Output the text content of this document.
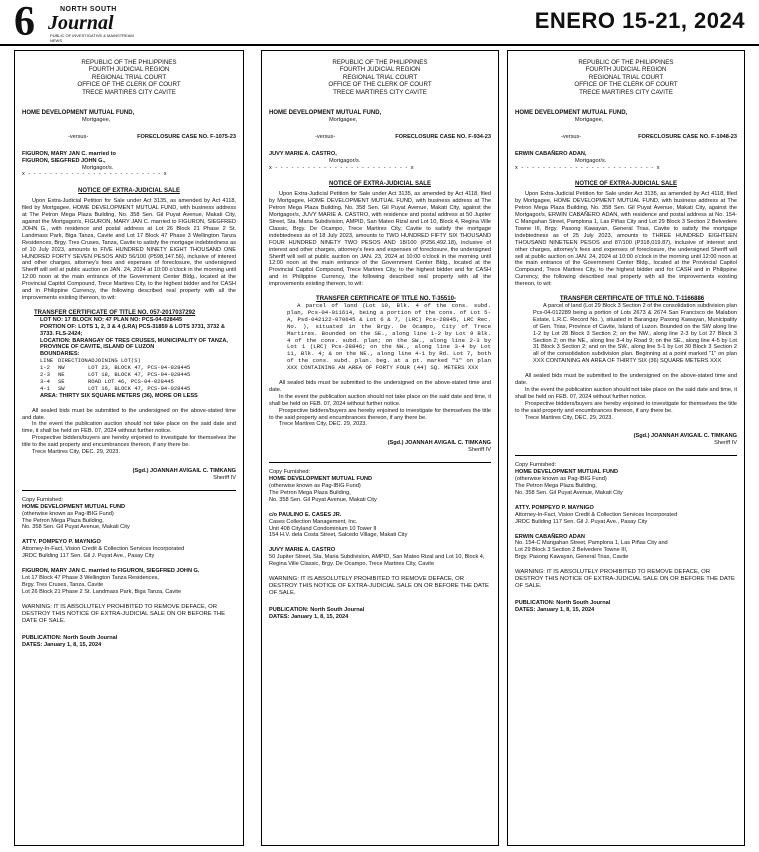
6	NORTH SOUTH
Journal
PUBLIC OF INVESTIGATIVE & MAINSTREAM NEWS
ENERO 15-21, 2024
REPUBLIC OF THE PHILIPPINES
FOURTH JUDICIAL REGION
REGIONAL TRIAL COURT
OFFICE OF THE CLERK OF COURT
TRECE MARTIRES CITY CAVITE
HOME DEVELOPMENT MUTUAL FUND,
Mortgagee,
-versus-	FORECLOSURE CASE NO. F-1075-23
FIGURON, MARY JAN C. married to
FIGURON, SIEGFRED JOHN G.,
Mortgagor/s.
x - - - - - - - - - - - - - - - - - - - - - - - - - x
NOTICE OF EXTRA-JUDICIAL SALE

Upon Extra-Judicial Petition for Sale under Act 3135, as amended by Act 4118, filed by Mortgagee, HOME DEVELOPMENT MUTUAL FUND, with business address at The Petron Mega Plaza Building, No. 358 Sen. Gil Puyat Avenue, Makati City, against the Mortgagor/s, FIGURON, MARY JAN C. married to FIGURON, SIEGFRED JOHN G., with residence and postal address at Lot 26 Block 21 Phase 2 St. Landmass Park, Biga Tanza, Cavite and Lot 17 Block 47 Phase 3 Wellington Tanza Residences, Brgy. Tres Cruses, Tanza, Cavite to satisfy the mortgage indebtedness as of 10 July 2023, amounts to FIVE HUNDRED NINETY EIGHT THOUSAND ONE HUNDRED FORTY SEVEN PESOS AND 56/100 (P598,147.56), inclusive of interest and other charges, attorney's fees and expenses of foreclosure, the undersigned Sheriff will sell at public auction on JAN. 24, 2024 at 10:00 o'clock in the morning until 12:00 noon at the main entrance of the Government Center Bldg., located at the Provincial Capitol Compound, Trece Martires City, to the highest bidder and for CASH and in Philippine Currency, the following described real property with all the improvements existing thereon, to wit:

TRANSFER CERTIFICATE OF TITLE NO. 057-2017037292
LOT NO: 17 BLOCK NO: 47 PLAN NO: PCS-04-028445
PORTION OF: LOTS 1, 2, 3 & 4 (LRA) PCS-31859 & LOTS 3731, 3732 & 3733. FLS-2424;
LOCATION: BARANGAY OF TRES CRUSES, MUNICIPALITY OF TANZA, PROVINCE OF CAVITE, ISLAND OF LUZON
BOUNDARIES:
LINE DIRECTION ADJOINING LOT(S)
1-2	NW	LOT 23, BLOCK 47, PCS-04-028445
2-3	NE	LOT 18, BLOCK 47, PCS-04-028445
3-4	SE	ROAD LOT 46, PCS-04-028445
4-1	SW	LOT 16, BLOCK 47, PCS-04-028445
AREA: THIRTY SIX SQUARE METERS (36), MORE OR LESS

All sealed bids must be submitted to the undersigned on the above-stated time and date.

In the event the publication auction should not take place on the said date and time, it shall be held on FEB. 07, 2024 without further notice.

Prospective bidders/buyers are hereby enjoined to investigate for themselves the title to the said property and encumbrances thereon, if any there be.

Trece Martires City, DEC. 29, 2023.

(Sgd.) JOANNAH AVIGAIL C. TIMKANG
Sheriff IV
Copy Furnished:
HOME DEVELOPMENT MUTUAL FUND
(otherwise known as Pag-IBIG Fund)
The Petron Mega Plaza Building,
No. 358 Sen. Gil Puyat Avenue, Makati City
ATTY. POMPEYO P. MAYNIGO
Attorney-In-Fact, Vision Credit & Collection Services Incorporated
JRDC Building 117 Sen. Gil J. Puyat Ave., Pasay City
FIGURON, MARY JAN C. married to FIGURON, SIEGFRED JOHN G.
Lot 17 Block 47 Phase 3 Wellington Tanza Residences,
Brgy. Tres Cruses, Tanza, Cavite
Lot 26 Block 21 Phase 2 St. Landmass Park, Biga Tanza, Cavite
WARNING: IT IS ABSOLUTELY PROHIBITED TO REMOVE DEFACE, OR DESTROY THIS NOTICE OF EXTRA-JUDICIAL SALE ON OR BEFORE THE DATE OF SALE.
PUBLICATION: North South Journal
DATES: January 1, 8, 15, 2024
REPUBLIC OF THE PHILIPPINES
FOURTH JUDICIAL REGION
REGIONAL TRIAL COURT
OFFICE OF THE CLERK OF COURT
TRECE MARTIRES CITY CAVITE
HOME DEVELOPMENT MUTUAL FUND,
Mortgagee,
-versus-	FORECLOSURE CASE NO. F-934-23
JUVY MARIE A. CASTRO,
Mortgagor/s.
x - - - - - - - - - - - - - - - - - - - - - - - - - x
NOTICE OF EXTRA-JUDICIAL SALE

Upon Extra-Judicial Petition for Sale under Act 3135, as amended by Act 4118, filed by Mortgagee, HOME DEVELOPMENT MUTUAL FUND, with business address at The Petron Mega Plaza Building, No. 358 Sen. Gil Puyat Avenue, Makati City, against the Mortgagor/s, JUVY MARIE A. CASTRO, with residence and postal address at 50 Jupiter Street, Sta. Maria Subdivision, AMPID, San Mateo Rizal and Lot 10, Block 4, Regina Ville Classic, Brgy. De Ocampo, Trece Martires City, Cavite to satisfy the mortgage indebtedness as of 18 July 2023, amounts to TWO HUNDRED FIFTY SIX THOUSAND FOUR HUNDRED NINETY TWO PESOS AND 18/100 (P256,492.18), inclusive of interest and other charges, attorney's fees and expenses of foreclosure, the undersigned Sheriff will sell at public auction on JAN. 23, 2024 at 10:00 o'clock in the morning until 12:00 noon at the main entrance of the Government Center Bldg., located at the Provincial Capitol Compound, Trece Martires City, to the highest bidder and for CASH and in Philippine Currency, the following described real property with all the improvements existing thereon, to wit:

TRANSFER CERTIFICATE OF TITLE NO. T-35510-

A parcel of land (Lot 10, Blk. 4 of the cons. subd. plan, Pcs-04-011614, being a portion of the cons. of Lot 5-A, Psd-042122-070645 & Lot 6 & 7, (LRC) Pcs-28845, LRC Rec. No. ), situated in the Brgy. De Ocampo, City of Trece Martires. Bounded on the SE., along line 1-2 by Lot 9 Blk. 4 of the cons. subd. plan; on the SW., along line 2-3 by Lot 1 (LRC) Pcs-28846; on the NW., along line 3-4 by Lot 11, Blk. 4; & on the NE., along line 4-1 by Rd. Lot 7, both of the cons. subd. plan. beg. at a pt. marked "1" on plan XXX CONTAINING AN AREA OF FORTY FOUR (44) SQ. METERS XXX

All sealed bids must be submitted to the undersigned on the above-stated time and date.

In the event the publication auction should not take place on the said date and time, it shall be held on FEB. 07, 2024 without further notice.

Prospective bidders/buyers are hereby enjoined to investigate for themselves the title to the said property and encumbrances thereon, if any there be.

Trece Martires City, DEC. 29, 2023.

(Sgd.) JOANNAH AVIGAIL C. TIMKANG
Sheriff IV
Copy Furnished:
HOME DEVELOPMENT MUTUAL FUND
(otherwise known as Pag-IBIG Fund)
The Petron Mega Plaza Building,
No. 358 Sen. Gil Puyat Avenue, Makati City
c/o PAULINO E. CASES JR.
Cases Collection Management, Inc.
Unit 408 Cityland Condominium 10 Tower II
154 H.V. dela Costa Street, Salcedo Village, Makati City
JUVY MARIE A. CASTRO
50 Jupiter Street, Sta. Maria Subdivision, AMPID, San Mateo Rizal and Lot 10, Block 4, Regina Ville Classic, Brgy. De Ocampo, Trece Martires City, Cavite
WARNING: IT IS ABSOLUTELY PROHIBITED TO REMOVE DEFACE, OR DESTROY THIS NOTICE OF EXTRA-JUDICIAL SALE ON OR BEFORE THE DATE OF SALE.
PUBLICATION: North South Journal
DATES: January 1, 8, 15, 2024
REPUBLIC OF THE PHILIPPINES
FOURTH JUDICIAL REGION
REGIONAL TRIAL COURT
OFFICE OF THE CLERK OF COURT
TRECE MARTIRES CITY CAVITE
HOME DEVELOPMENT MUTUAL FUND,
Mortgagee,
-versus-	FORECLOSURE CASE NO. F-1048-23
ERWIN CABAÑERO ADAN,
Mortgagor/s.
x - - - - - - - - - - - - - - - - - - - - - - - - - x
NOTICE OF EXTRA-JUDICIAL SALE

Upon Extra-Judicial Petition for Sale under Act 3135, as amended by Act 4118, filed by Mortgagee, HOME DEVELOPMENT MUTUAL FUND, with business address at The Petron Mega Plaza Building, No. 358 Sen. Gil Puyat Avenue, Makati City, against the Mortgagor/s, ERWIN CABAÑERO ADAN, with residence and postal address at No. 154-C Mangahan Street, Pamplona 1, Las Piñas City and Lot 29 Block 3 Section 2 Belvedere Towne III, Brgy. Pasong Kawayan, General Trias, Cavite to satisfy the mortgage indebtedness as of 25 July 2023, amounts to THREE HUNDRED EIGHTEEN THOUSAND NINETEEN PESOS and 87/100 (P318,019.87), inclusive of interest and other charges, attorney's fees and expenses of foreclosure, the undersigned Sheriff will sell at public auction on JAN. 24, 2024 at 10:00 o'clock in the morning until 12:00 noon at the main entrance of the Government Center Bldg., located at the Provincial Capitol Compound, Trece Martires City, to the highest bidder and for CASH and in Philippine Currency, the following described real property with all the improvements existing thereon, to wit:

TRANSFER CERTIFICATE OF TITLE NO. T-1166886

A parcel of land (Lot 29 Block 3 Section 2 of the consolidation subdivision plan Pcs-04-012289 being a portion of Lots 2673 & 2674 San Francisco de Malabon Estate, L.R.C. Record No. ), situated in Barangay Pasong Kawayan, Municipality of Gen. Trias, Province of Cavite, Island of Luzon. Bounded on the SW along line 1-2 by Lot 28 Block 3 Section 2; on the NW., along line 2-3 by Lot 27 Block 3 Section 2; on the NE., along line 3-4 by Road 9; on the SE., along line 4-5 by Lot 31 Block 3 Section 2; and on the SW., along line 5-1 by Lot 30 Block 3 Section 2 all of the consolidation subdivision plan. Beginning at a point marked "1" on plan XXX CONTAINING AN AREA OF THIRTY SIX (36) SQUARE METERS XXX

All sealed bids must be submitted to the undersigned on the above-stated time and date.

In the event the publication auction should not take place on the said date and time, it shall be held on FEB. 07, 2024 without further notice.

Prospective bidders/buyers are hereby enjoined to investigate for themselves the title to the said property and encumbrances thereon, if any there be.

Trece Martires City, DEC. 29, 2023.

(Sgd.) JOANNAH AVIGAIL C. TIMKANG
Sheriff IV
Copy Furnished:
HOME DEVELOPMENT MUTUAL FUND
(otherwise known as Pag-IBIG Fund)
The Petron Mega Plaza Building,
No. 358 Sen. Gil Puyat Avenue, Makati City
ATTY. POMPEYO P. MAYNIGO
Attorney-In-Fact, Vision Credit & Collection Services Incorporated
JRDC Building 117 Sen. Gil J. Puyat Ave., Pasay City
ERWIN CABAÑERO ADAN
No. 154-C Mangahan Street, Pamplona 1, Las Piñas City and
Lot 29 Block 3 Section 2 Belvedere Towne III,
Brgy. Pasong Kawayan, General Trias, Cavite
WARNING: IT IS ABSOLUTELY PROHIBITED TO REMOVE DEFACE, OR DESTROY THIS NOTICE OF EXTRA-JUDICIAL SALE ON OR BEFORE THE DATE OF SALE.
PUBLICATION: North South Journal
DATES: January 1, 8, 15, 2024
